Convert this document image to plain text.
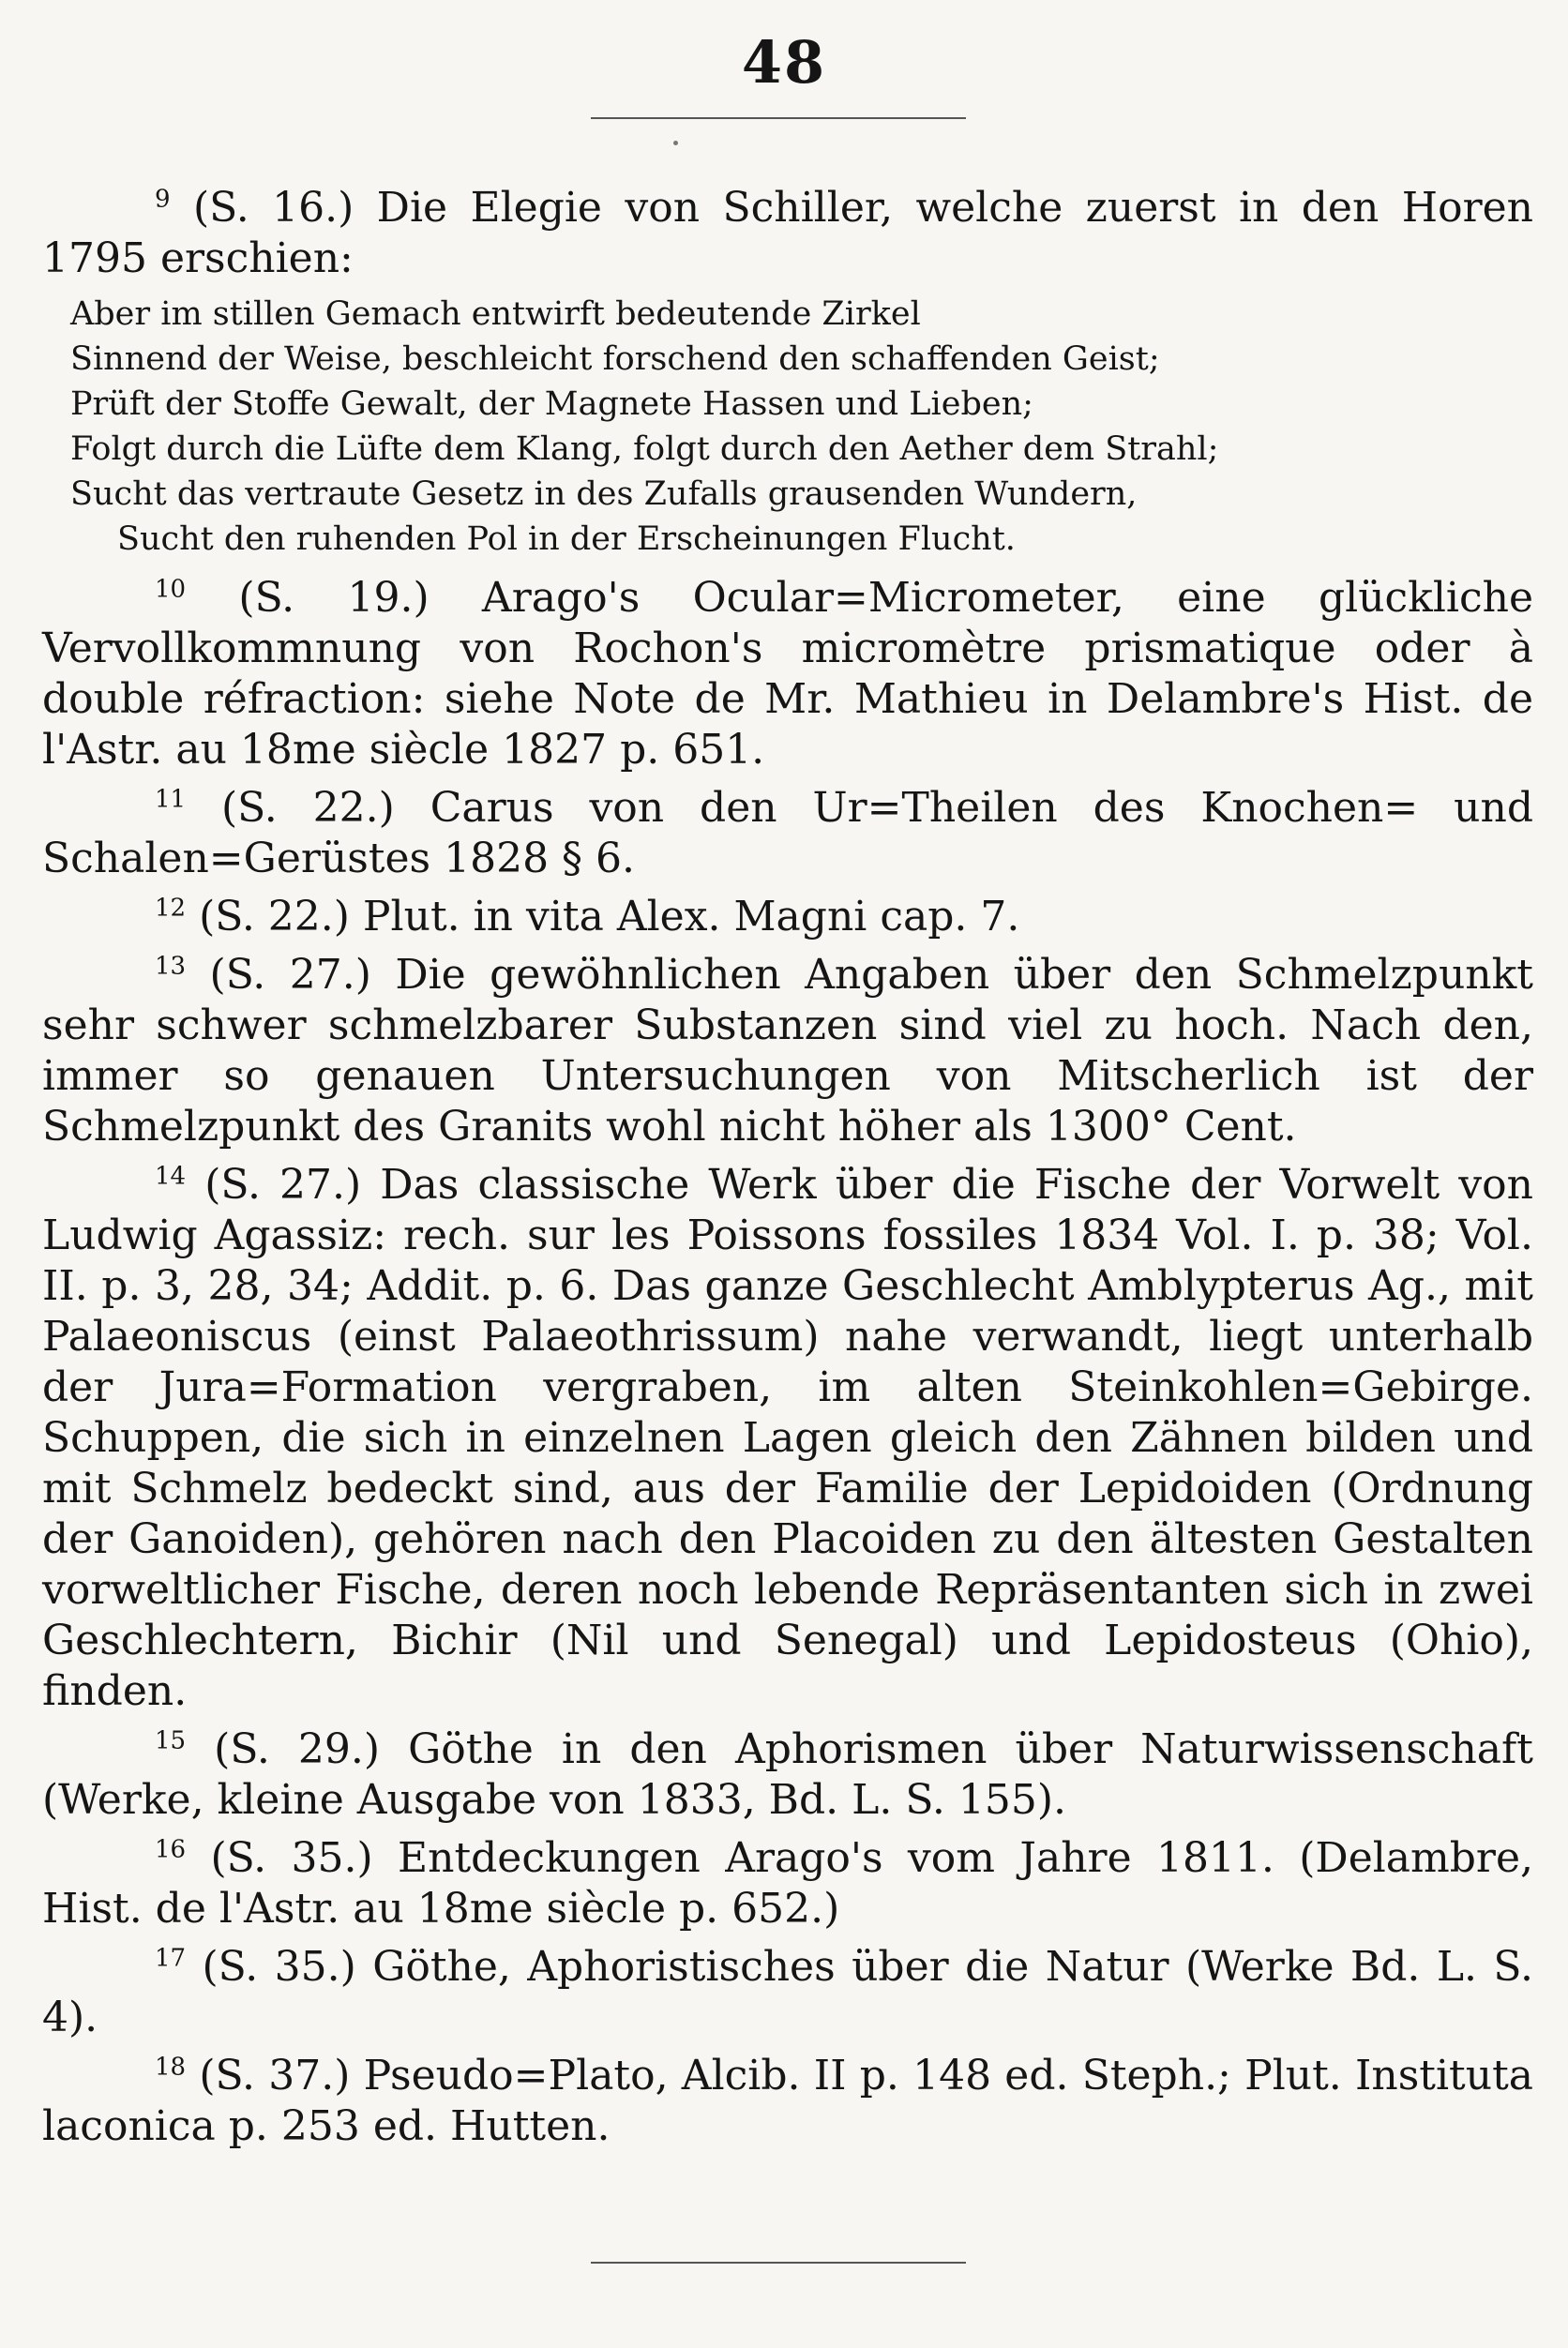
48

$^9$ (S. 16.) Die Elegie von Schiller, welche zuerst in den Horen 1795 erschien:

Aber im stillen Gemach entwirft bedeutende Zirkel
Sinnend der Weise, beschleicht forschend den schaffenden Geist;
Prüft der Stoffe Gewalt, der Magnete Hassen und Lieben;
Folgt durch die Lüfte dem Klang, folgt durch den Aether dem Strahl;
Sucht das vertraute Gesetz in des Zufalls grausenden Wundern,
Sucht den ruhenden Pol in der Erscheinungen Flucht.

$^{10}$ (S. 19.) Arago's Ocular=Micrometer, eine glückliche Vervollkommnung von Rochon's micromètre prismatique oder à double réfraction: siehe Note de Mr. Mathieu in Delambre's Hist. de l'Astr. au 18me siècle 1827 p. 651.

$^{11}$ (S. 22.) Carus von den Ur=Theilen des Knochen= und Schalen=Gerüstes 1828 § 6.

$^{12}$ (S. 22.) Plut. in vita Alex. Magni cap. 7.

$^{13}$ (S. 27.) Die gewöhnlichen Angaben über den Schmelzpunkt sehr schwer schmelzbarer Substanzen sind viel zu hoch. Nach den, immer so genauen Untersuchungen von Mitscherlich ist der Schmelzpunkt des Granits wohl nicht höher als 1300° Cent.

$^{14}$ (S. 27.) Das classische Werk über die Fische der Vorwelt von Ludwig Agassiz: rech. sur les Poissons fossiles 1834 Vol. I. p. 38; Vol. II. p. 3, 28, 34; Addit. p. 6. Das ganze Geschlecht Amblypterus Ag., mit Palaeoniscus (einst Palaeothrissum) nahe verwandt, liegt unterhalb der Jura=Formation vergraben, im alten Steinkohlen=Gebirge. Schuppen, die sich in einzelnen Lagen gleich den Zähnen bilden und mit Schmelz bedeckt sind, aus der Familie der Lepidoiden (Ordnung der Ganoiden), gehören nach den Placoiden zu den ältesten Gestalten vorweltlicher Fische, deren noch lebende Repräsentanten sich in zwei Geschlechtern, Bichir (Nil und Senegal) und Lepidosteus (Ohio), finden.

$^{15}$ (S. 29.) Göthe in den Aphorismen über Naturwissenschaft (Werke, kleine Ausgabe von 1833, Bd. L. S. 155).

$^{16}$ (S. 35.) Entdeckungen Arago's vom Jahre 1811. (Delambre, Hist. de l'Astr. au 18me siècle p. 652.)

$^{17}$ (S. 35.) Göthe, Aphoristisches über die Natur (Werke Bd. L. S. 4).

$^{18}$ (S. 37.) Pseudo=Plato, Alcib. II p. 148 ed. Steph.; Plut. Instituta laconica p. 253 ed. Hutten.
